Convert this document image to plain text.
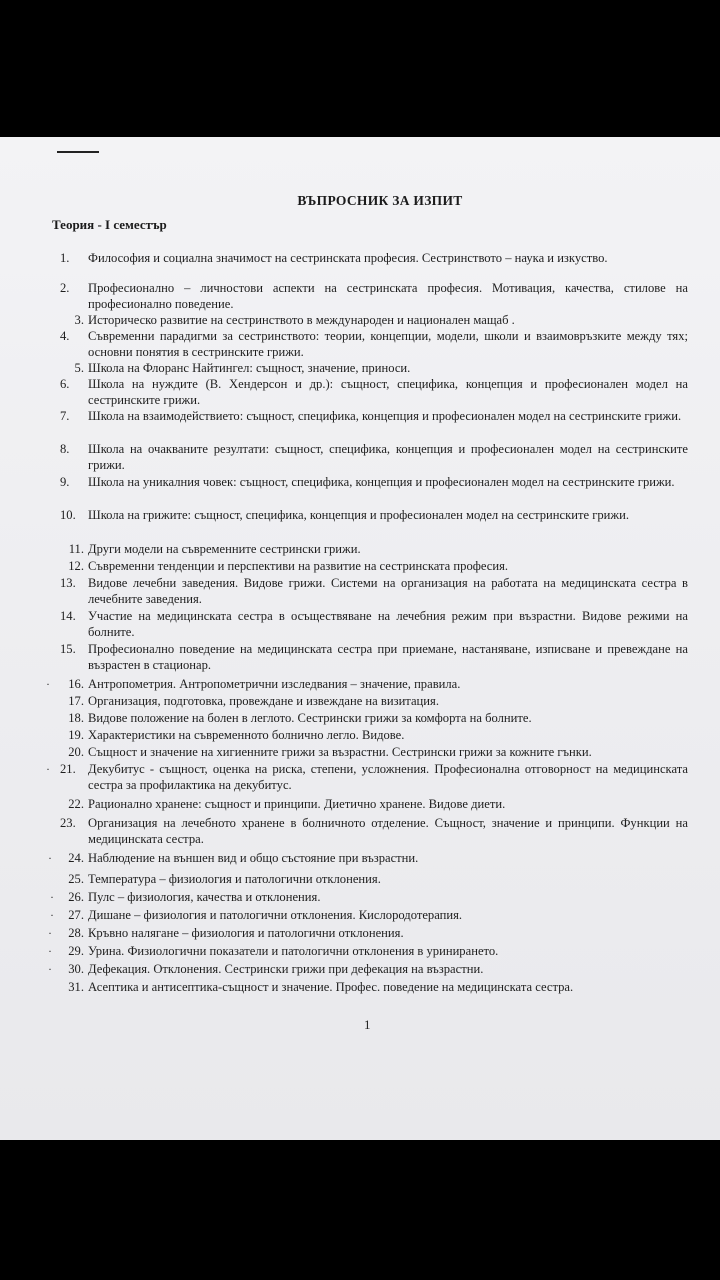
ВЪПРОСНИК ЗА ИЗПИТ
Теория - I семестър
1.	Философия и социална значимост на сестринската професия. Сестринството – наука и изкуство.
2.	Професионално – личностови аспекти на сестринската професия. Мотивация, качества, стилове на професионално поведение.
3. Историческо развитие на сестринството в международен и национален мащаб .
4.	Съвременни парадигми за сестринството: теории, концепции, модели, школи и взаимовръзките между тях; основни понятия в сестринските грижи.
5. Школа на Флоранс Найтингел: същност, значение, приноси.
6.	Школа на нуждите (В. Хендерсон и др.): същност, специфика, концепция и професионален модел на сестринските грижи.
7.	Школа на взаимодействието: същност, специфика, концепция и професионален модел на сестринските грижи.
8.	Школа на очакваните резултати: същност, специфика, концепция и професионален модел на сестринските грижи.
9.	Школа на уникалния човек: същност, специфика, концепция и професионален модел на сестринските грижи.
10. Школа на грижите: същност, специфика, концепция и професионален модел на сестринските грижи.
11. Други модели на съвременните сестрински грижи.
12. Съвременни тенденции и перспективи на развитие на сестринската професия.
13. Видове лечебни заведения. Видове грижи. Системи на организация на работата на медицинската сестра в лечебните заведения.
14. Участие на медицинската сестра в осъществяване на лечебния режим при възрастни. Видове режими на болните.
15. Професионално поведение на медицинската сестра при приемане, настаняване, изписване и превеждане на възрастен в стационар.
16. Антропометрия. Антропометрични изследвания – значение, правила.
17. Организация, подготовка, провеждане и извеждане на визитация.
18. Видове положение на болен в леглото. Сестрински грижи за комфорта на болните.
19. Характеристики на съвременното болнично легло. Видове.
20. Същност и значение на хигиенните грижи за възрастни. Сестрински грижи за кожните гънки.
21. Декубитус - същност, оценка на риска, степени, усложнения. Професионална отговорност на медицинската сестра за профилактика на декубитус.
22. Рационално хранене: същност и принципи. Диетично хранене. Видове диети.
23. Организация на лечебното хранене в болничното отделение. Същност, значение и принципи. Функции на медицинската сестра.
24. Наблюдение на външен вид и общо състояние при възрастни.
25. Температура – физиология и патологични отклонения.
26. Пулс – физиология, качества и отклонения.
27. Дишане – физиология и патологични отклонения. Кислородотерапия.
28. Кръвно налягане – физиология и патологични отклонения.
29. Урина. Физиологични показатели и патологични отклонения в уринирането.
30. Дефекация. Отклонения. Сестрински грижи при дефекация на възрастни.
31. Асептика и антисептика-същност и значение. Профес. поведение на медицинската сестра.
·
·
·
·
·
·
·
·
1
